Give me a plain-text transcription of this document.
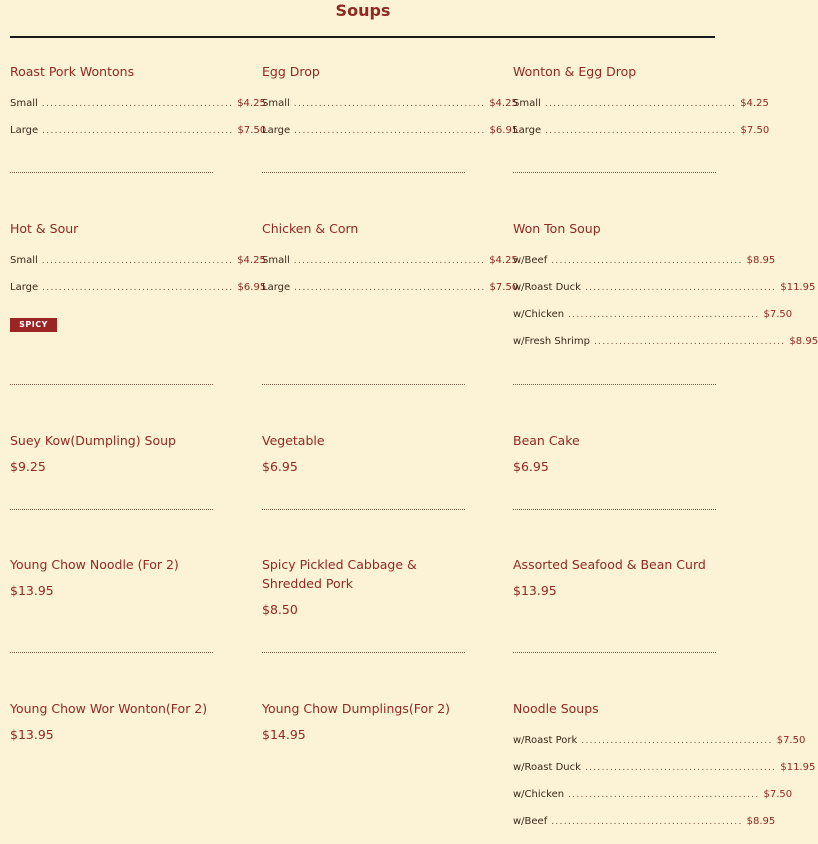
Soups
Roast Pork Wontons
Small .............................................. $4.25
Large .............................................. $7.50
Egg Drop
Small .............................................. $4.25
Large .............................................. $6.95
Wonton & Egg Drop
Small .............................................. $4.25
Large .............................................. $7.50
Hot & Sour
Small .............................................. $4.25
Large .............................................. $6.95
SPICY
Chicken & Corn
Small .............................................. $4.25
Large .............................................. $7.50
Won Ton Soup
w/Beef .............................................. $8.95
w/Roast Duck .............................................. $11.95
w/Chicken .............................................. $7.50
w/Fresh Shrimp .............................................. $8.95
Suey Kow(Dumpling) Soup
$9.25
Vegetable
$6.95
Bean Cake
$6.95
Young Chow Noodle (For 2)
$13.95
Spicy Pickled Cabbage & Shredded Pork
$8.50
Assorted Seafood & Bean Curd
$13.95
Young Chow Wor Wonton(For 2)
$13.95
Young Chow Dumplings(For 2)
$14.95
Noodle Soups
w/Roast Pork .............................................. $7.50
w/Roast Duck .............................................. $11.95
w/Chicken .............................................. $7.50
w/Beef .............................................. $8.95
